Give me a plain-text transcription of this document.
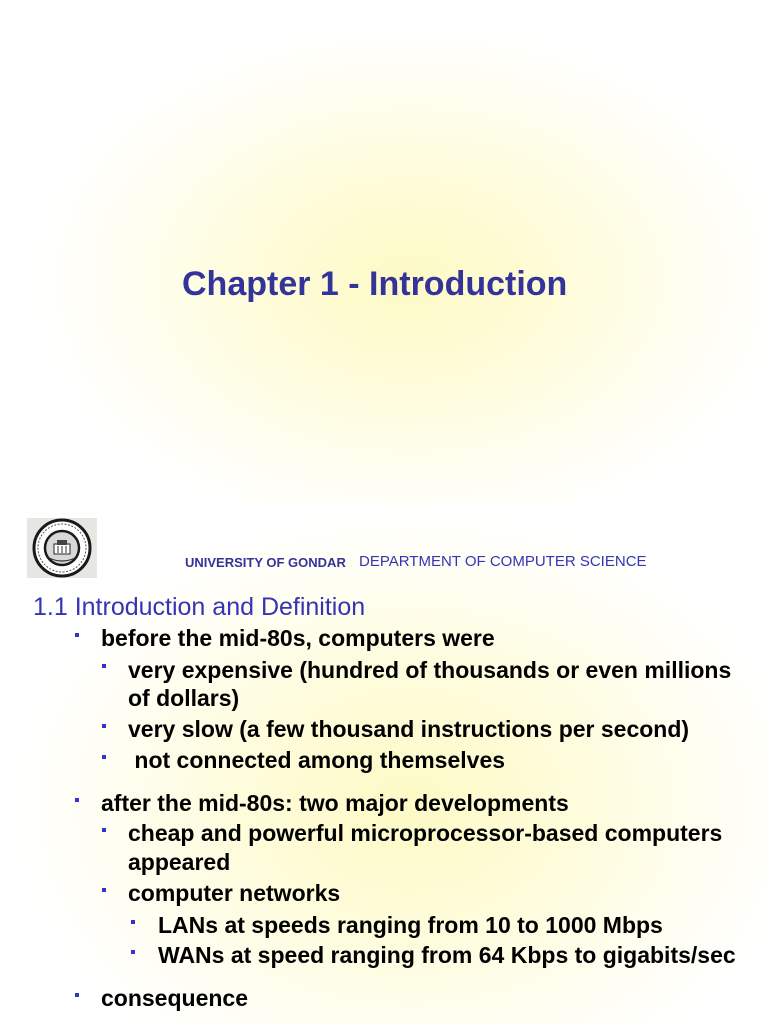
Chapter 1 - Introduction
UNIVERSITY OF GONDAR DEPARTMENT OF COMPUTER SCIENCE
1.1 Introduction and Definition
before the mid-80s, computers were
very expensive (hundred of thousands or even millions
of dollars)
very slow (a few thousand instructions per second)
not connected among themselves
after the mid-80s: two major developments
cheap and powerful microprocessor-based computers
appeared
computer networks
LANs at speeds ranging from 10 to 1000 Mbps
WANs at speed ranging from 64 Kbps to gigabits/sec
consequence
